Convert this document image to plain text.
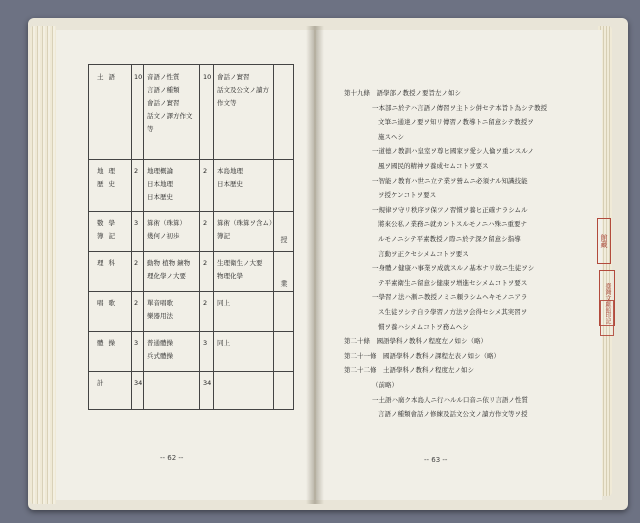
土語 10 音語ノ性質
言語ノ種類
會話ノ實習
話文ノ譯方作文
等
10 會話ノ實習
話文及公文ノ讀方
作文等
地理
歴史
2 地理概論
日本地理
日本歴史
2 本島地理
日本歴史
數學
簿記
3 算術（珠算）
幾何ノ初歩
2 算術（珠算ヲ含ム）
簿記
理科 2 動物 植物 鑛物
理化學ノ大要
2 生理衛生ノ大要
物理化學
唱歌 2 單音唱歌
樂器用法
2 同上
體操 3 普通體操
兵式體操
3 同上
計	34	34
授
業
-- 62 --
第十九條　語學部ノ教授ノ要旨左ノ如シ
一本部ニ於テハ言語ノ傳習ヲ主トシ併セテ本旨ト為シテ教授
文筆ニ通達ノ要ヲ知リ傳習ノ教導トニ留意シテ教授ヲ
施スヘシ
一道德ノ教訓ハ皇室ヲ尊ヒ國家ヲ愛シ人倫ヲ重ンスルノ
風ヲ國民的精神ヲ養成セムコトヲ要ス
一智能ノ教育ハ世ニ立テ業ヲ營ムニ必須ナル知識技能
ヲ授ケンコトヲ要ス
一規律ヲ守リ秩序ヲ保ツノ習慣ヲ養ヒ正確ナラシムル
將來公私ノ業務ニ就カントスルモノニハ殊ニ重要ナ
ルモノニシテ平素教授ノ際ニ於テ深ク留意シ指導
言動ヲ正クセシメムコトヲ要ス
一身體ノ健康ハ事業ヲ成就スルノ基本ナリ故ニ生徒ヲシ
テ平素衛生ニ留意シ健康ヲ增進セシメムコトヲ要ス
一學習ノ法ハ漸ニ教授ノミニ頼ラシムヘキモノニアラ
ス生徒ヲシテ自ラ學習ノ方法ヲ会得セシメ其実習ヲ
慣ヲ養ハシメムコトヲ務ムヘシ
第二十條　國語學科ノ教科ノ程度左ノ如シ（略）
第二十一條　國語學科ノ教科ノ課程左表ノ如シ（略）
第二十二條　土語學科ノ教科ノ程度左ノ如シ
（前略）
一土語ハ廣ク本島人ニ行ハルル口音ニ依リ言語ノ性質
言語ノ種類會話ノ修練及話文公文ノ讀方作文等ヲ授
-- 63 --
館藏
臺灣文獻館
印記
